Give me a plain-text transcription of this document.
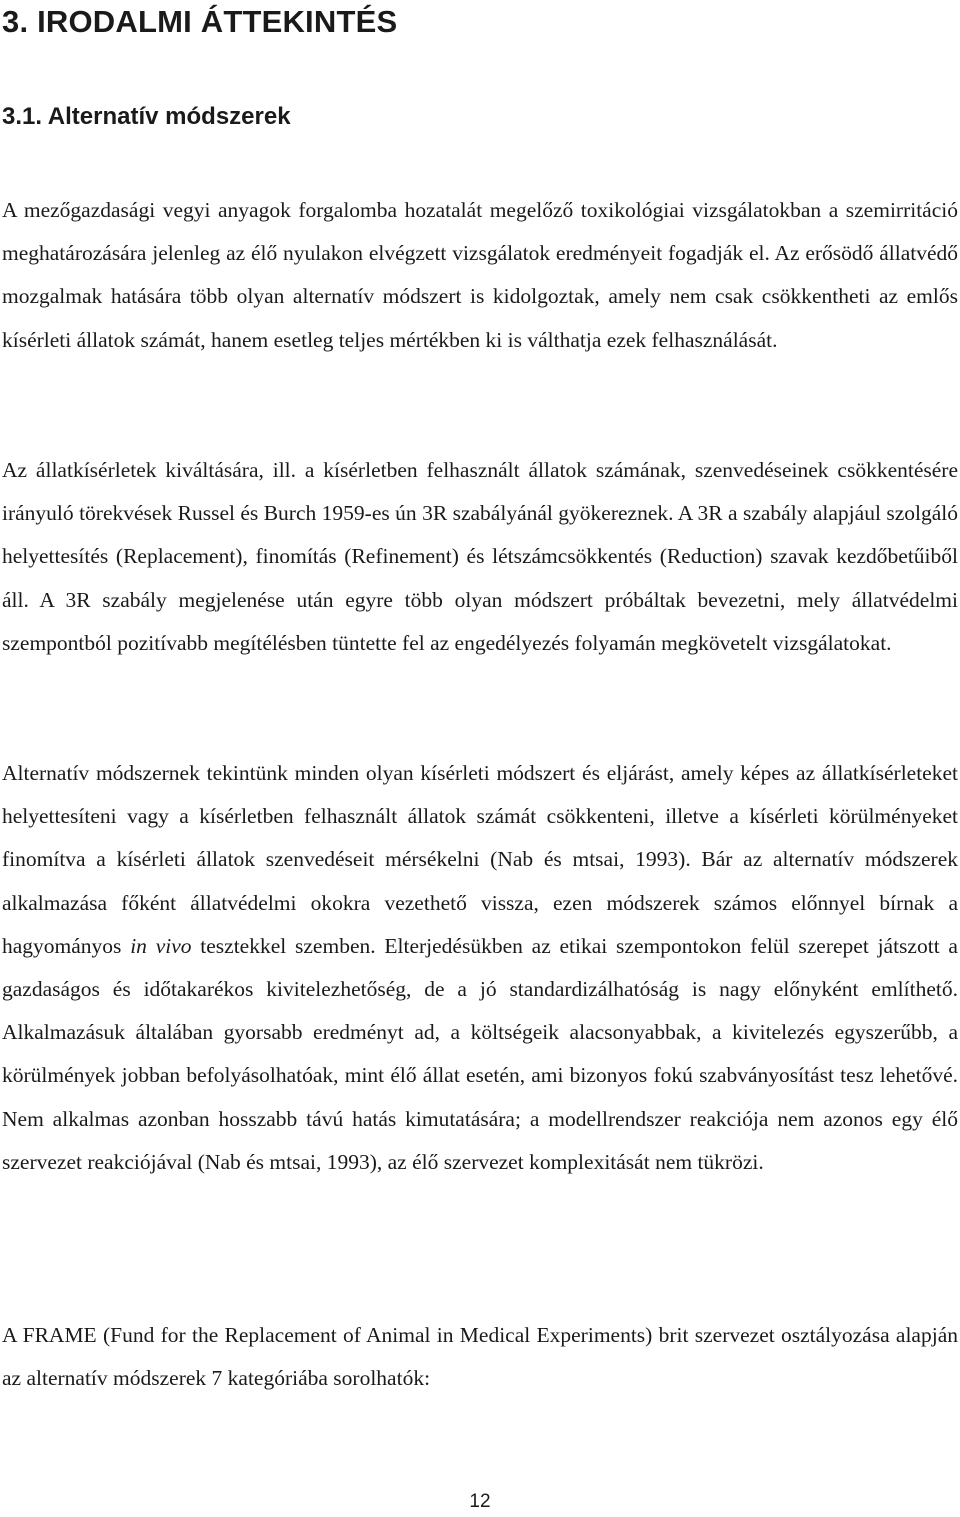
3. IRODALMI ÁTTEKINTÉS
3.1. Alternatív módszerek

A mezőgazdasági vegyi anyagok forgalomba hozatalát megelőző toxikológiai vizsgálatokban a szemirritáció meghatározására jelenleg az élő nyulakon elvégzett vizsgálatok eredményeit fogadják el. Az erősödő állatvédő mozgalmak hatására több olyan alternatív módszert is kidolgoztak, amely nem csak csökkentheti az emlős kísérleti állatok számát, hanem esetleg teljes mértékben ki is válthatja ezek felhasználását.

Az állatkísérletek kiváltására, ill. a kísérletben felhasznált állatok számának, szenvedéseinek csökkentésére irányuló törekvések Russel és Burch 1959-es ún 3R szabályánál gyökereznek. A 3R a szabály alapjául szolgáló helyettesítés (Replacement), finomítás (Refinement) és létszámcsökkentés (Reduction) szavak kezdőbetűiből áll. A 3R szabály megjelenése után egyre több olyan módszert próbáltak bevezetni, mely állatvédelmi szempontból pozitívabb megítélésben tüntette fel az engedélyezés folyamán megkövetelt vizsgálatokat.

Alternatív módszernek tekintünk minden olyan kísérleti módszert és eljárást, amely képes az állatkísérleteket helyettesíteni vagy a kísérletben felhasznált állatok számát csökkenteni, illetve a kísérleti körülményeket finomítva a kísérleti állatok szenvedéseit mérsékelni (Nab és mtsai, 1993). Bár az alternatív módszerek alkalmazása főként állatvédelmi okokra vezethető vissza, ezen módszerek számos előnnyel bírnak a hagyományos in vivo tesztekkel szemben. Elterjedésükben az etikai szempontokon felül szerepet játszott a gazdaságos és időtakarékos kivitelezhetőség, de a jó standardizálhatóság is nagy előnyként említhető. Alkalmazásuk általában gyorsabb eredményt ad, a költségeik alacsonyabbak, a kivitelezés egyszerűbb, a körülmények jobban befolyásolhatóak, mint élő állat esetén, ami bizonyos fokú szabványosítást tesz lehetővé. Nem alkalmas azonban hosszabb távú hatás kimutatására; a modellrendszer reakciója nem azonos egy élő szervezet reakciójával (Nab és mtsai, 1993), az élő szervezet komplexitását nem tükrözi.

A FRAME (Fund for the Replacement of Animal in Medical Experiments) brit szervezet osztályozása alapján az alternatív módszerek 7 kategóriába sorolhatók:

12
